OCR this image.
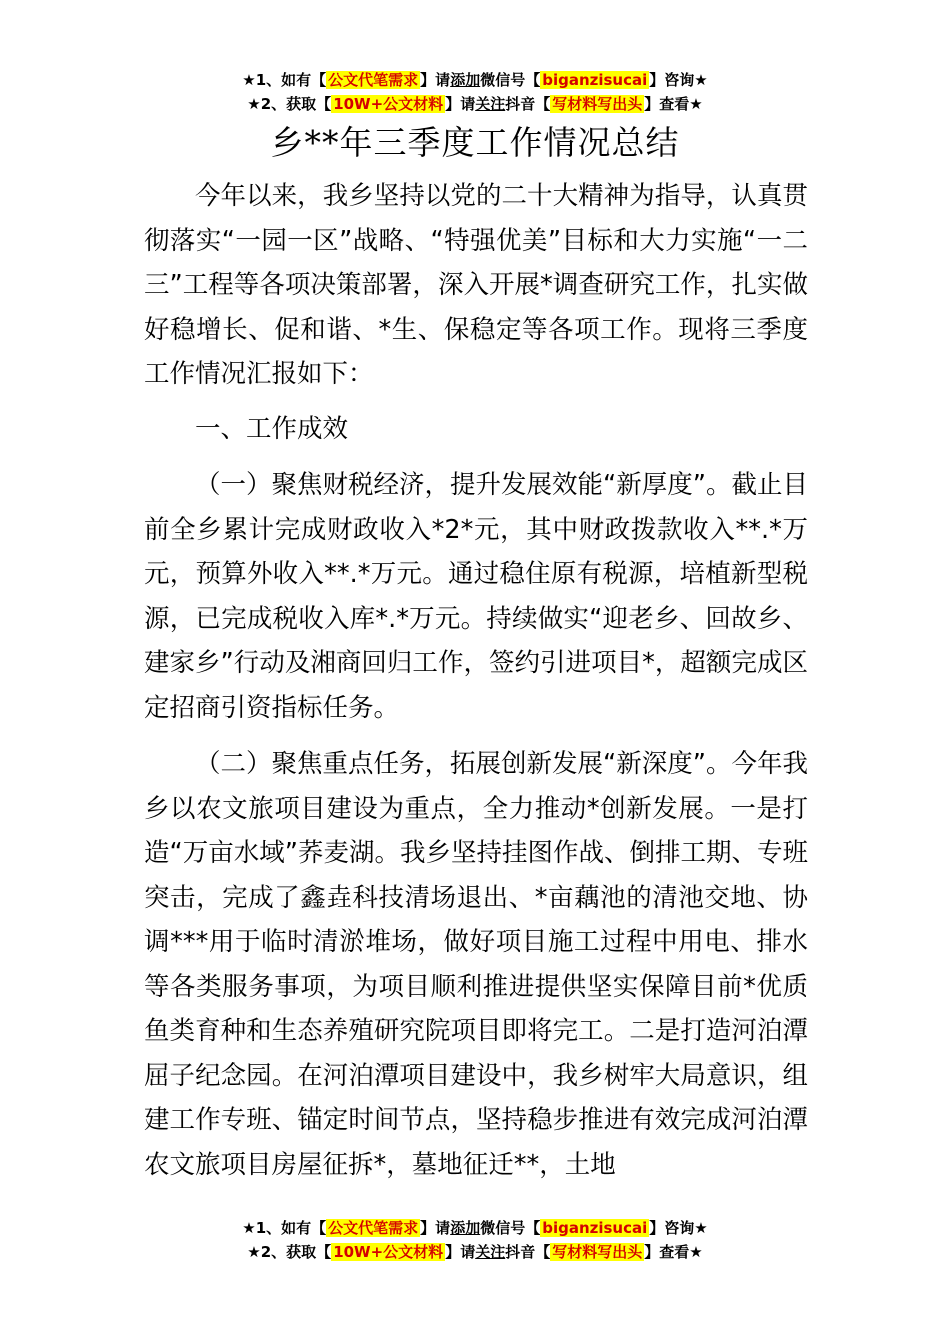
★1、如有【 公文代笔需求 】请添加微信号【 biganzisucai 】咨询★
★2、获取【 10W+公文材料 】请关注抖音【 写材料写出头 】查看★
乡**年三季度工作情况总结

今年以来，我乡坚持以党的二十大精神为指导，认真贯彻落实“一园一区”战略、“特强优美”目标和大力实施“一二三”工程等各项决策部署，深入开展*调查研究工作，扎实做好稳增长、促和谐、*生、保稳定等各项工作。现将三季度工作情况汇报如下：

一、工作成效

（一）聚焦财税经济，提升发展效能“新厚度”。截止目前全乡累计完成财政收入*2*元，其中财政拨款收入**.*万元，预算外收入**.*万元。通过稳住原有税源，培植新型税源，已完成税收入库*.*万元。持续做实“迎老乡、回故乡、建家乡”行动及湘商回归工作，签约引进项目*，超额完成区定招商引资指标任务。

（二）聚焦重点任务，拓展创新发展“新深度”。今年我乡以农文旅项目建设为重点，全力推动*创新发展。一是打造“万亩水域”荞麦湖。我乡坚持挂图作战、倒排工期、专班突击，完成了鑫垚科技清场退出、*亩藕池的清池交地、协调***用于临时清淤堆场，做好项目施工过程中用电、排水等各类服务事项，为项目顺利推进提供坚实保障目前*优质鱼类育种和生态养殖研究院项目即将完工。二是打造河泊潭屈子纪念园。在河泊潭项目建设中，我乡树牢大局意识，组建工作专班、锚定时间节点，坚持稳步推进有效完成河泊潭农文旅项目房屋征拆*，墓地征迁**，土地

★1、如有【 公文代笔需求 】请添加微信号【 biganzisucai 】咨询★
★2、获取【 10W+公文材料 】请关注抖音【 写材料写出头 】查看★
